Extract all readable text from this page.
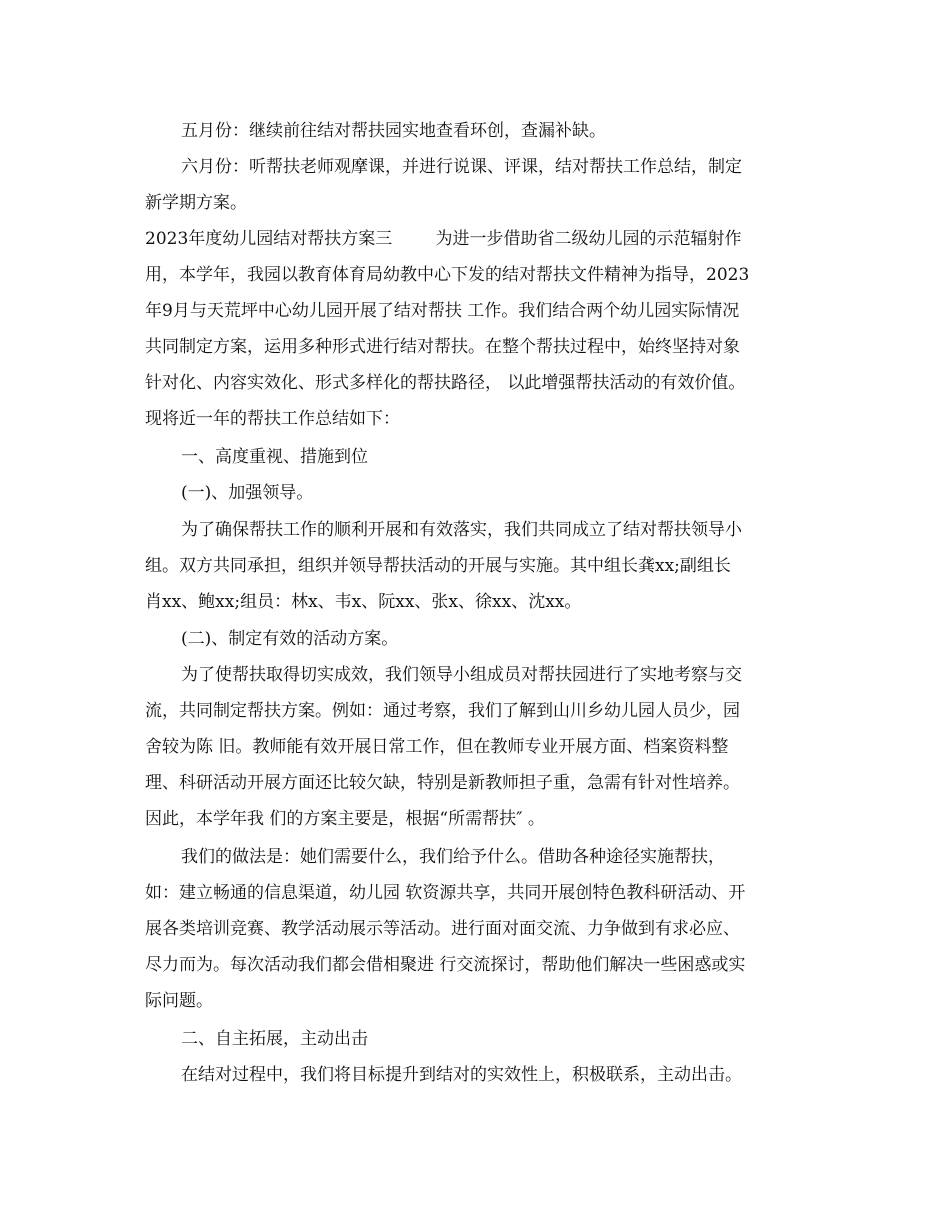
五月份：继续前往结对帮扶园实地查看环创，查漏补缺。
六月份：听帮扶老师观摩课，并进行说课、评课，结对帮扶工作总结，制定
新学期方案。
2023年度幼儿园结对帮扶方案三        为进一步借助省二级幼儿园的示范辐射作
用，本学年，我园以教育体育局幼教中心下发的结对帮扶文件精神为指导，2023
年9月与天荒坪中心幼儿园开展了结对帮扶 工作。我们结合两个幼儿园实际情况
共同制定方案，运用多种形式进行结对帮扶。在整个帮扶过程中，始终坚持对象
针对化、内容实效化、形式多样化的帮扶路径， 以此增强帮扶活动的有效价值。
现将近一年的帮扶工作总结如下：
一、高度重视、措施到位
(一)、加强领导。
为了确保帮扶工作的顺利开展和有效落实，我们共同成立了结对帮扶领导小
组。双方共同承担，组织并领导帮扶活动的开展与实施。其中组长龚xx;副组长
肖xx、鲍xx;组员：林x、韦x、阮xx、张x、徐xx、沈xx。
(二)、制定有效的活动方案。
为了使帮扶取得切实成效，我们领导小组成员对帮扶园进行了实地考察与交
流，共同制定帮扶方案。例如：通过考察，我们了解到山川乡幼儿园人员少，园
舍较为陈 旧。教师能有效开展日常工作，但在教师专业开展方面、档案资料整
理、科研活动开展方面还比较欠缺，特别是新教师担子重，急需有针对性培养。
因此，本学年我 们的方案主要是，根据“所需帮扶″ 。
我们的做法是：她们需要什么，我们给予什么。借助各种途径实施帮扶，
如：建立畅通的信息渠道，幼儿园 软资源共享，共同开展创特色教科研活动、开
展各类培训竞赛、教学活动展示等活动。进行面对面交流、力争做到有求必应、
尽力而为。每次活动我们都会借相聚进 行交流探讨，帮助他们解决一些困惑或实
际问题。
二、自主拓展，主动出击
在结对过程中，我们将目标提升到结对的实效性上，积极联系，主动出击。
